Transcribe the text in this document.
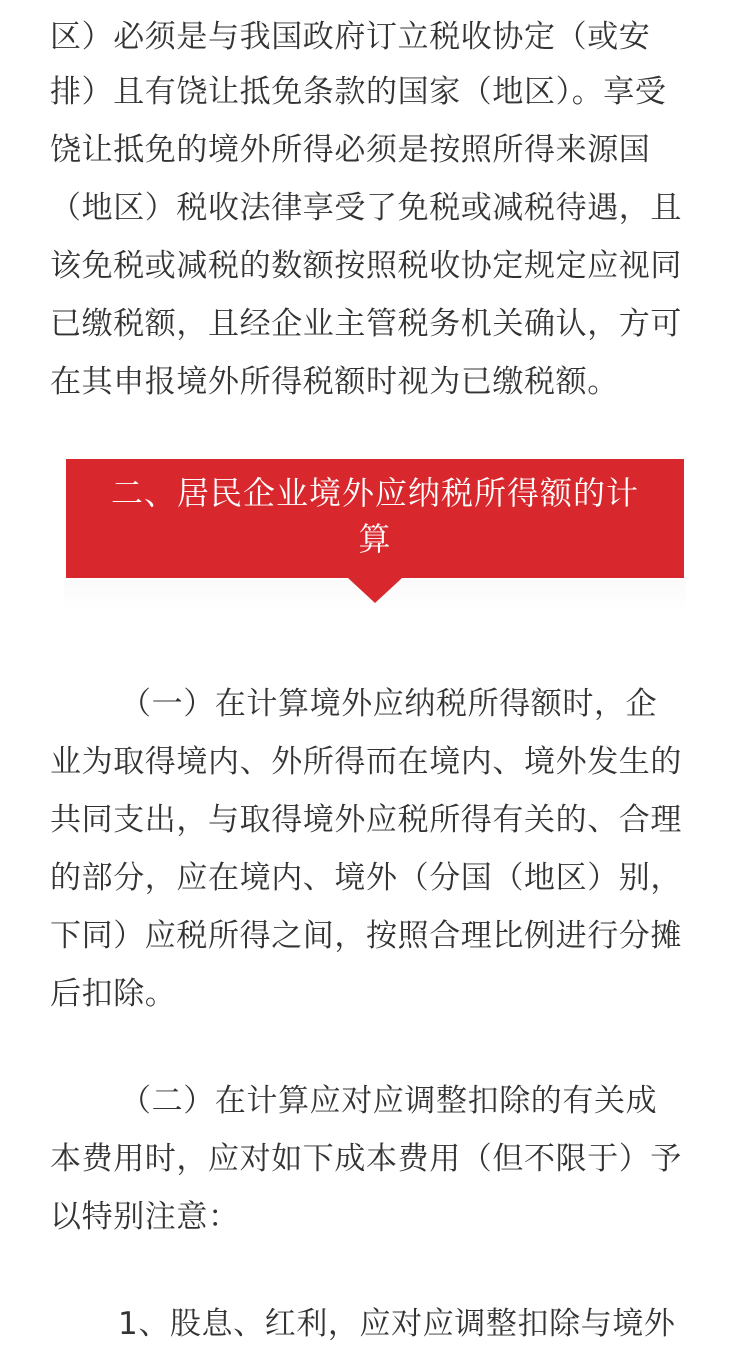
区）必须是与我国政府订立税收协定（或安
排）且有饶让抵免条款的国家（地区）。享受
饶让抵免的境外所得必须是按照所得来源国
（地区）税收法律享受了免税或减税待遇，且
该免税或减税的数额按照税收协定规定应视同
已缴税额，且经企业主管税务机关确认，方可
在其申报境外所得税额时视为已缴税额。
二、居民企业境外应纳税所得额的计
算
（一）在计算境外应纳税所得额时，企
业为取得境内、外所得而在境内、境外发生的
共同支出，与取得境外应税所得有关的、合理
的部分，应在境内、境外（分国（地区）别，
下同）应税所得之间，按照合理比例进行分摊
后扣除。
（二）在计算应对应调整扣除的有关成
本费用时，应对如下成本费用（但不限于）予
以特别注意：
1、股息、红利，应对应调整扣除与境外
